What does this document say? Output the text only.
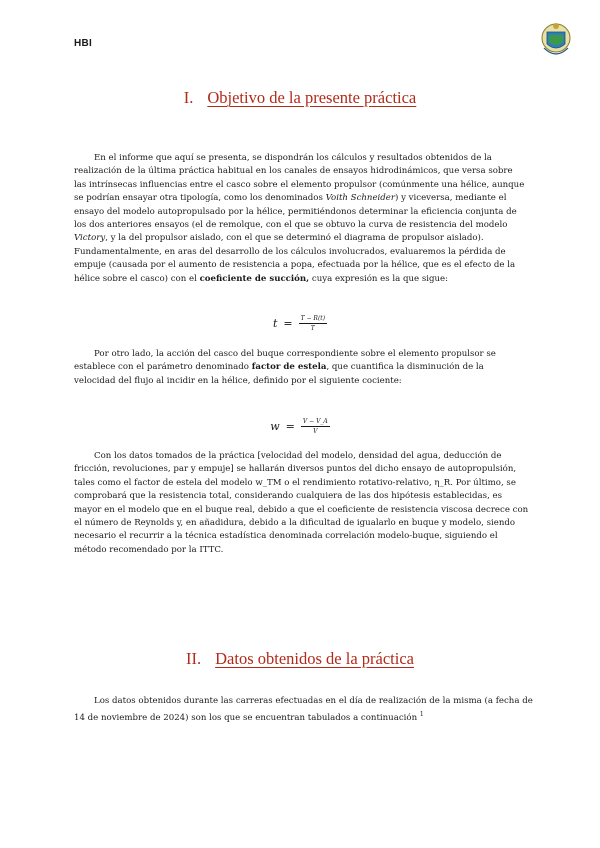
HBI
I. Objetivo de la presente práctica
En el informe que aquí se presenta, se dispondrán los cálculos y resultados obtenidos de la
realización de la última práctica habitual en los canales de ensayos hidrodinámicos, que versa sobre
las intrínsecas influencias entre el casco sobre el elemento propulsor (comúnmente una hélice, aunque
se podrían ensayar otra tipología, como los denominados Voith Schneider) y viceversa, mediante el
ensayo del modelo autopropulsado por la hélice, permitiéndonos determinar la eficiencia conjunta de
los dos anteriores ensayos (el de remolque, con el que se obtuvo la curva de resistencia del modelo
Victory, y la del propulsor aislado, con el que se determinó el diagrama de propulsor aislado).
Fundamentalmente, en aras del desarrollo de los cálculos involucrados, evaluaremos la pérdida de
empuje (causada por el aumento de resistencia a popa, efectuada por la hélice, que es el efecto de la
hélice sobre el casco) con el coeficiente de succión, cuya expresión es la que sigue:
$t = \frac{T - R(t)}{T}$
Por otro lado, la acción del casco del buque correspondiente sobre el elemento propulsor se
establece con el parámetro denominado factor de estela, que cuantifica la disminución de la
velocidad del flujo al incidir en la hélice, definido por el siguiente cociente:
$w = \frac{V - V\_A}{V}$
Con los datos tomados de la práctica [velocidad del modelo, densidad del agua, deducción de
fricción, revoluciones, par y empuje] se hallarán diversos puntos del dicho ensayo de autopropulsión,
tales como el factor de estela del modelo w_TM o el rendimiento rotativo-relativo, η_R. Por último, se
comprobará que la resistencia total, considerando cualquiera de las dos hipótesis establecidas, es
mayor en el modelo que en el buque real, debido a que el coeficiente de resistencia viscosa decrece con
el número de Reynolds y, en añadidura, debido a la dificultad de igualarlo en buque y modelo, siendo
necesario el recurrir a la técnica estadística denominada correlación modelo-buque, siguiendo el
método recomendado por la ITTC.
II. Datos obtenidos de la práctica
Los datos obtenidos durante las carreras efectuadas en el día de realización de la misma (a fecha de
14 de noviembre de 2024) son los que se encuentran tabulados a continuación $^1$
